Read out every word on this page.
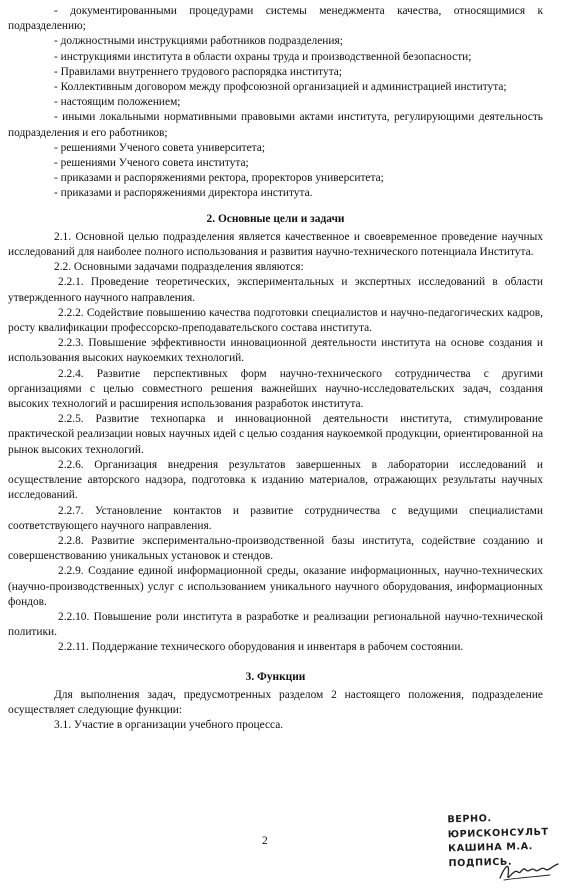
- документированными процедурами системы менеджмента качества, относящимися к подразделению;

- должностными инструкциями работников подразделения;

- инструкциями института в области охраны труда и производственной безопасности;

- Правилами внутреннего трудового распорядка института;

- Коллективным договором между профсоюзной организацией и администрацией института;

- настоящим положением;

- иными локальными нормативными правовыми актами института, регулирующими деятельность подразделения и его работников;

- решениями Ученого совета университета;

- решениями Ученого совета института;

- приказами и распоряжениями ректора, проректоров университета;

- приказами и распоряжениями директора института.

2. Основные цели и задачи

2.1. Основной целью подразделения является качественное и своевременное проведение научных исследований для наиболее полного использования и развития научно-технического потенциала Института.

2.2. Основными задачами подразделения являются:

2.2.1. Проведение теоретических, экспериментальных и экспертных исследований в области утвержденного научного направления.

2.2.2. Содействие повышению качества подготовки специалистов и научно-педагогических кадров, росту квалификации профессорско-преподавательского состава института.

2.2.3. Повышение эффективности инновационной деятельности института на основе создания и использования высоких наукоемких технологий.

2.2.4. Развитие перспективных форм научно-технического сотрудничества с другими организациями с целью совместного решения важнейших научно-исследовательских задач, создания высоких технологий и расширения использования разработок института.

2.2.5. Развитие технопарка и инновационной деятельности института, стимулирование практической реализации новых научных идей с целью создания наукоемкой продукции, ориентированной на рынок высоких технологий.

2.2.6. Организация внедрения результатов завершенных в лаборатории исследований и осуществление авторского надзора, подготовка к изданию материалов, отражающих результаты научных исследований.

2.2.7. Установление контактов и развитие сотрудничества с ведущими специалистами соответствующего научного направления.

2.2.8. Развитие экспериментально-производственной базы института, содействие созданию и совершенствованию уникальных установок и стендов.

2.2.9. Создание единой информационной среды, оказание информационных, научно-технических (научно-производственных) услуг с использованием уникального научного оборудования, информационных фондов.

2.2.10. Повышение роли института в разработке и реализации региональной научно-технической политики.

2.2.11. Поддержание технического оборудования и инвентаря в рабочем состоянии.

3. Функции

Для выполнения задач, предусмотренных разделом 2 настоящего положения, подразделение осуществляет следующие функции:

3.1. Участие в организации учебного процесса.

2
ВЕРНО.
ЮРИСКОНСУЛЬТ
КАШИНА М.А.
ПОДПИСЬ.
